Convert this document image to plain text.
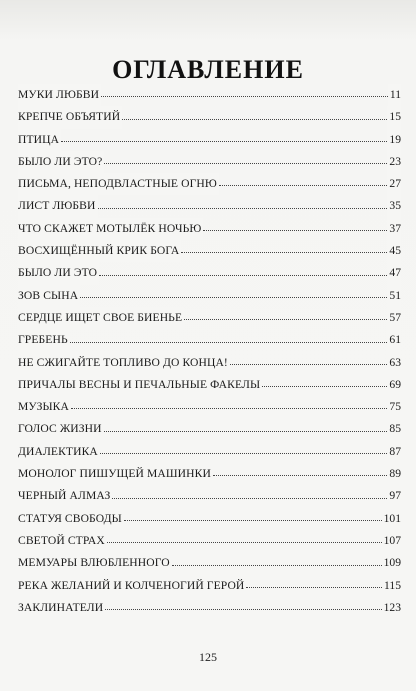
ОГЛАВЛЕНИЕ
МУКИ ЛЮБВИ	11
КРЕПЧЕ ОБЪЯТИЙ	15
ПТИЦА	19
БЫЛО ЛИ ЭТО?	23
ПИСЬМА, НЕПОДВЛАСТНЫЕ ОГНЮ	27
ЛИСТ ЛЮБВИ	35
ЧТО СКАЖЕТ МОТЫЛЁК НОЧЬЮ	37
ВОСХИЩЁННЫЙ КРИК БОГА	45
БЫЛО ЛИ ЭТО	47
ЗОВ СЫНА	51
СЕРДЦЕ ИЩЕТ СВОЕ БИЕНЬЕ	57
ГРЕБЕНЬ	61
НЕ СЖИГАЙТЕ ТОПЛИВО ДО КОНЦА!	63
ПРИЧАЛЫ ВЕСНЫ И ПЕЧАЛЬНЫЕ ФАКЕЛЫ	69
МУЗЫКА	75
ГОЛОС ЖИЗНИ	85
ДИАЛЕКТИКА	87
МОНОЛОГ ПИШУЩЕЙ МАШИНКИ	89
ЧЕРНЫЙ АЛМАЗ	97
СТАТУЯ СВОБОДЫ	101
СВЕТОЙ СТРАХ	107
МЕМУАРЫ ВЛЮБЛЕННОГО	109
РЕКА ЖЕЛАНИЙ И КОЛЧЕНОГИЙ ГЕРОЙ	115
ЗАКЛИНАТЕЛИ	123
125
